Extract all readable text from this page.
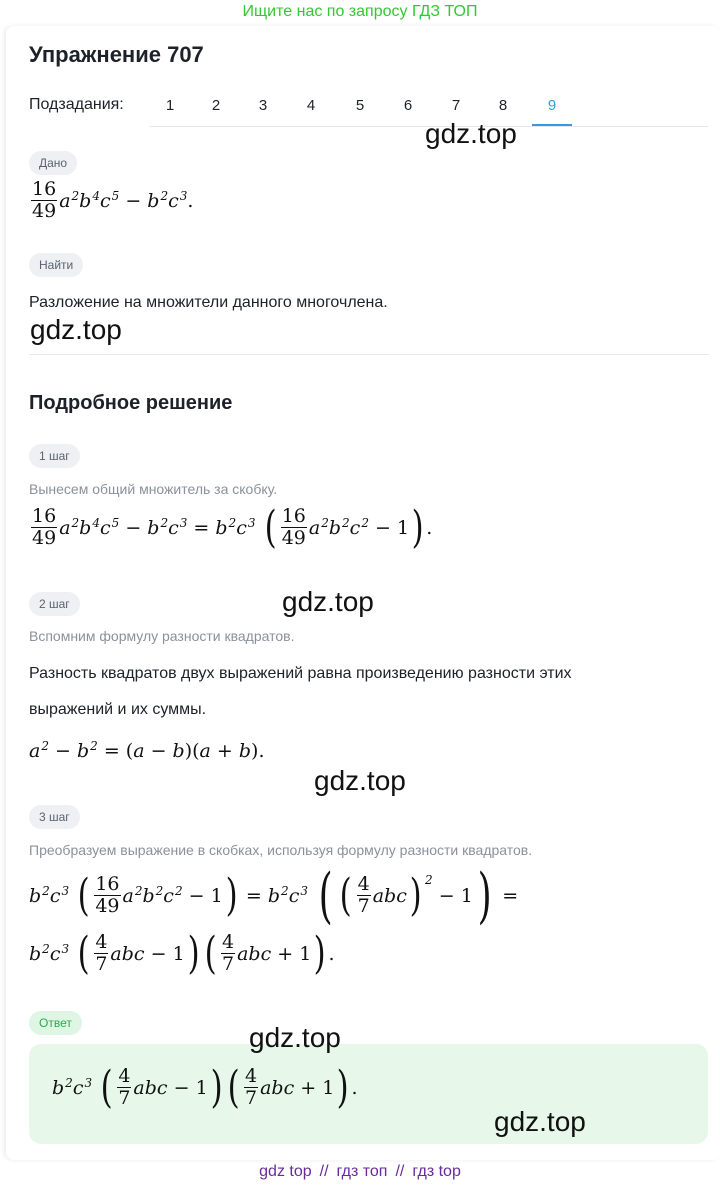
Ищите нас по запросу ГДЗ ТОП
Упражнение 707
Подзадания:	1	2	3	4	5	6	7	8	9
Дано
$\frac{16}{49} a^2b^4c^5 - b^2c^3$.
Найти
Разложение на множители данного многочлена.
Подробное решение
1 шаг
Вынесем общий множитель за скобку.
$\frac{16}{49} a^2b^4c^5 - b^2c^3 = b^2c^3$ ( $\frac{16}{49} a^2b^2c^2 - 1$ ) .
2 шаг
Вспомним формулу разности квадратов.
Разность квадратов двух выражений равна произведению разности этих
выражений и их суммы.
$a^2 - b^2 = (a - b)(a + b)$.
3 шаг
Преобразуем выражение в скобках, используя формулу разности квадратов.
$b^2c^3$ ( $\frac{16}{49} a^2b^2c^2 - 1$ ) = $b^2c^3$ ( ( $\frac{4}{7}$ abc ) $^2$
− 1 ) =
$b^2c^3$ ( $\frac{4}{7}$ abc − 1 ) ( $\frac{4}{7}$ abc + 1 ) .
Ответ
$b^2c^3$ ( $\frac{4}{7}$ abc − 1 ) ( $\frac{4}{7}$ abc + 1 ) .
gdz.top
gdz.top
gdz.top
gdz.top
gdz.top
gdz.top
gdz top // гдз топ // гдз top
